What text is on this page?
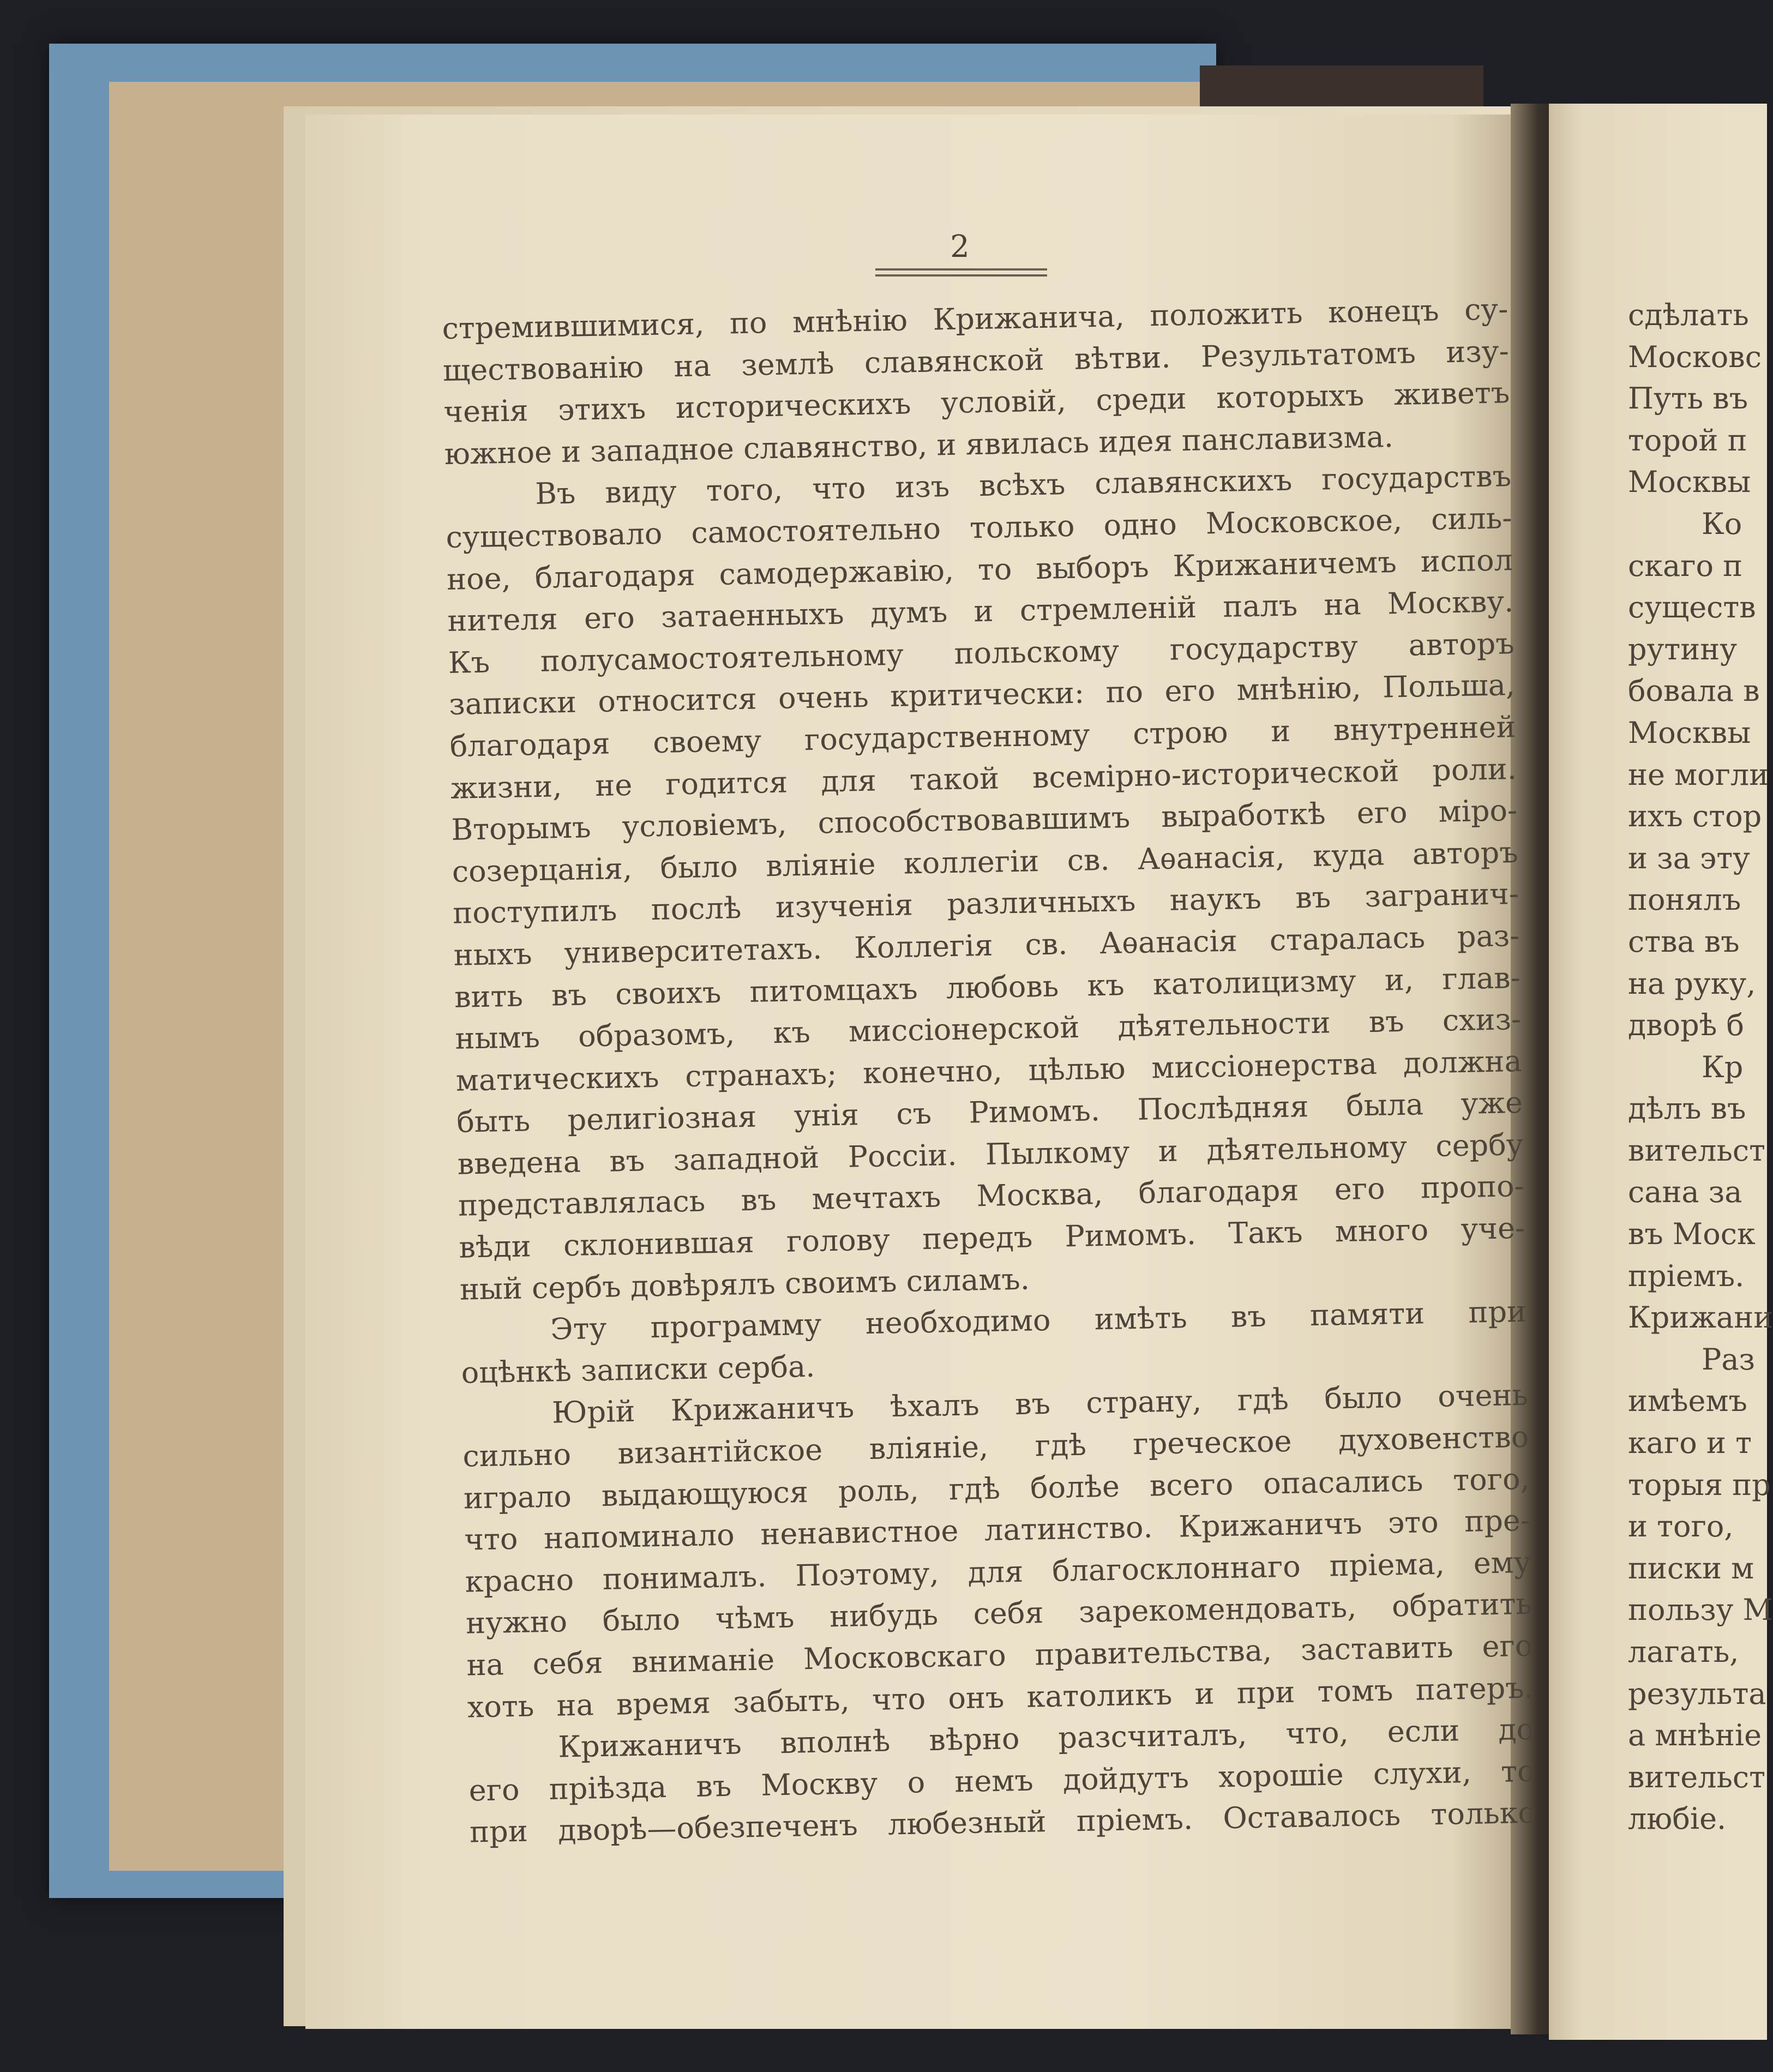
2
стремившимися, по мнѣнію Крижанича, положить конецъ су-
ществованію на землѣ славянской вѣтви. Результатомъ изу-
ченія этихъ историческихъ условій, среди которыхъ живетъ
южное и западное славянство, и явилась идея панславизма.
Въ виду того, что изъ всѣхъ славянскихъ государствъ
существовало самостоятельно только одно Московское, силь-
ное, благодаря самодержавію, то выборъ Крижаничемъ испол
нителя его затаенныхъ думъ и стремленій палъ на Москву.
Къ полусамостоятельному польскому государству авторъ
записки относится очень критически: по его мнѣнію, Польша,
благодаря своему государственному строю и внутренней
жизни, не годится для такой всемірно-исторической роли.
Вторымъ условіемъ, способствовавшимъ выработкѣ его міро-
созерцанія, было вліяніе коллегіи св. Аѳанасія, куда авторъ
поступилъ послѣ изученія различныхъ наукъ въ загранич-
ныхъ университетахъ. Коллегія св. Аѳанасія старалась раз-
вить въ своихъ питомцахъ любовь къ католицизму и, глав-
нымъ образомъ, къ миссіонерской дѣятельности въ схиз-
матическихъ странахъ; конечно, цѣлью миссіонерства должна
быть религіозная унія съ Римомъ. Послѣдняя была уже
введена въ западной Россіи. Пылкому и дѣятельному сербу
представлялась въ мечтахъ Москва, благодаря его пропо-
вѣди склонившая голову передъ Римомъ. Такъ много уче-
ный сербъ довѣрялъ своимъ силамъ.
Эту программу необходимо имѣть въ памяти при
оцѣнкѣ записки серба.
Юрій Крижаничъ ѣхалъ въ страну, гдѣ было очень
сильно византійское вліяніе, гдѣ греческое духовенство
играло выдающуюся роль, гдѣ болѣе всего опасались того,
что напоминало ненавистное латинство. Крижаничъ это пре-
красно понималъ. Поэтому, для благосклоннаго пріема, ему
нужно было чѣмъ нибудь себя зарекомендовать, обратить
на себя вниманіе Московскаго правительства, заставить его
хоть на время забыть, что онъ католикъ и при томъ патеръ.
Крижаничъ вполнѣ вѣрно разсчиталъ, что, если до
его пріѣзда въ Москву о немъ дойдутъ хорошіе слухи, то
при дворѣ—обезпеченъ любезный пріемъ. Оставалось только
сдѣлать
Московс
Путь въ
торой п
Москвы
Ко
скаго п
существ
рутину
бовала в
Москвы
не могли
ихъ стор
и за эту
понялъ
ства въ
на руку,
дворѣ б
Кр
дѣлъ въ
вительст
сана за
въ Моск
пріемъ.
Крижани
Раз
имѣемъ
каго и т
торыя пр
и того,
писки м
пользу М
лагать,
результа
а мнѣніе
вительст
любіе.
